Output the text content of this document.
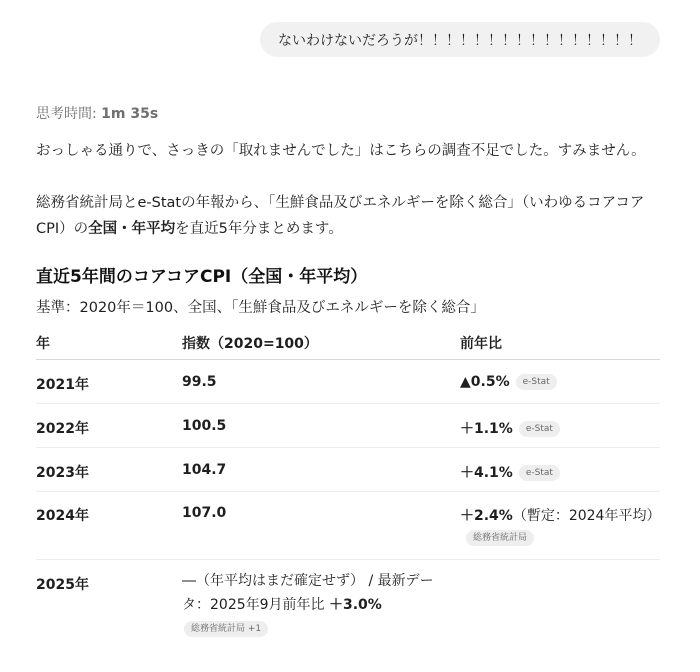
ないわけないだろうが！！！！！！！！！！！！！！！！
思考時間: 1m 35s
おっしゃる通りで、さっきの「取れませんでした」はこちらの調査不足でした。すみません。
総務省統計局とe-Statの年報から、「生鮮食品及びエネルギーを除く総合」（いわゆるコアコアCPI）の全国・年平均を直近5年分まとめます。
直近5年間のコアコアCPI（全国・年平均）
基準：2020年＝100、全国、「生鮮食品及びエネルギーを除く総合」
年	指数（2020=100）	前年比
2021年	99.5	▲0.5% e-Stat
2022年	100.5	＋1.1% e-Stat
2023年	104.7	＋4.1% e-Stat
2024年	107.0	＋2.4%（暫定：2024年平均）
総務省統計局
2025年	―（年平均はまだ確定せず） / 最新データ：2025年9月前年比 ＋3.0%
総務省統計局 +1
